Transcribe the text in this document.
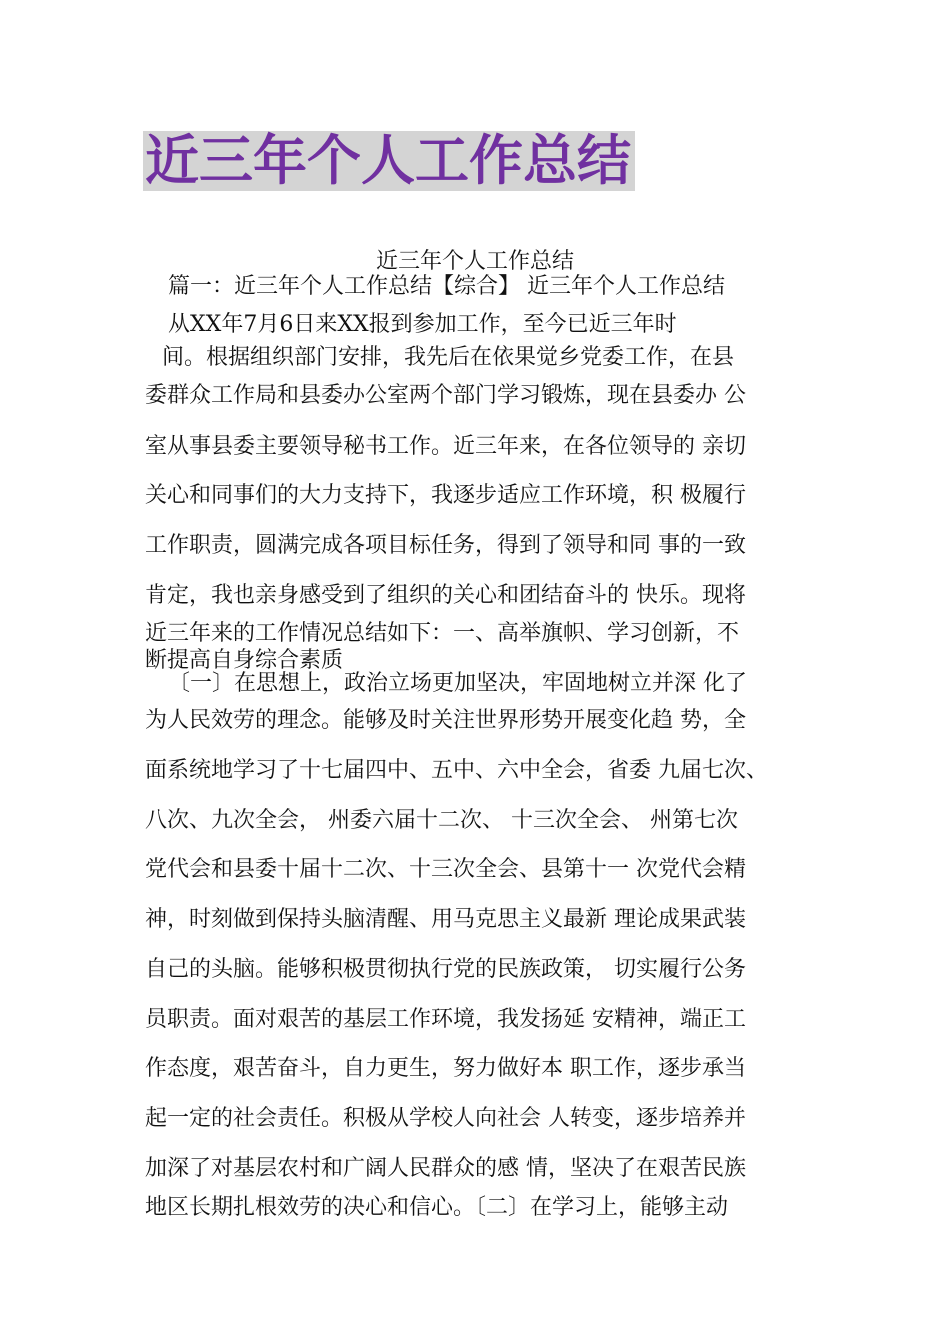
近三年个人工作总结
近三年个人工作总结
篇一：近三年个人工作总结【综合】 近三年个人工作总结
从XX年7月6日来XX报到参加工作，至今已近三年时
间。根据组织部门安排，我先后在依果觉乡党委工作，在县
委群众工作局和县委办公室两个部门学习锻炼，现在县委办 公
室从事县委主要领导秘书工作。近三年来，在各位领导的 亲切
关心和同事们的大力支持下，我逐步适应工作环境，积 极履行
工作职责，圆满完成各项目标任务，得到了领导和同 事的一致
肯定，我也亲身感受到了组织的关心和团结奋斗的 快乐。现将
近三年来的工作情况总结如下：一、高举旗帜、学习创新，不
断提高自身综合素质
〔一〕在思想上，政治立场更加坚决，牢固地树立并深 化了
为人民效劳的理念。能够及时关注世界形势开展变化趋 势，全
面系统地学习了十七届四中、五中、六中全会，省委 九届七次、
八次、九次全会， 州委六届十二次、 十三次全会、 州第七次
党代会和县委十届十二次、十三次全会、县第十一 次党代会精
神，时刻做到保持头脑清醒、用马克思主义最新 理论成果武装
自己的头脑。能够积极贯彻执行党的民族政策， 切实履行公务
员职责。面对艰苦的基层工作环境，我发扬延 安精神，端正工
作态度，艰苦奋斗，自力更生，努力做好本 职工作，逐步承当
起一定的社会责任。积极从学校人向社会 人转变，逐步培养并
加深了对基层农村和广阔人民群众的感 情，坚决了在艰苦民族
地区长期扎根效劳的决心和信心。〔二〕在学习上，能够主动
